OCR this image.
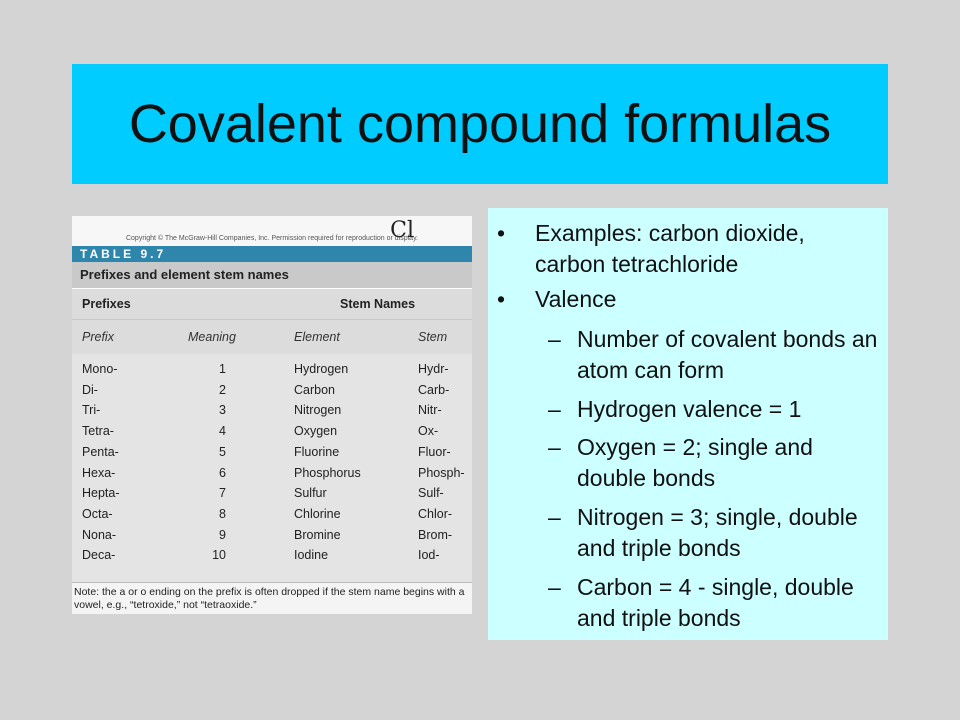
Covalent compound formulas
Copyright © The McGraw-Hill Companies, Inc. Permission required for reproduction or display.
Cl
TABLE 9.7
Prefixes and element stem names
Prefixes	Stem Names
Prefix	Meaning	Element	Stem
Mono-	1	Hydrogen	Hydr-
Di-	2	Carbon	Carb-
Tri-	3	Nitrogen	Nitr-
Tetra-	4	Oxygen	Ox-
Penta-	5	Fluorine	Fluor-
Hexa-	6	Phosphorus	Phosph-
Hepta-	7	Sulfur	Sulf-
Octa-	8	Chlorine	Chlor-
Nona-	9	Bromine	Brom-
Deca-	10	Iodine	Iod-
Note: the a or o ending on the prefix is often dropped if the stem name begins with a
vowel, e.g., “tetroxide,” not “tetraoxide.”
• Examples: carbon dioxide, carbon tetrachloride
• Valence
– Number of covalent bonds an atom can form
– Hydrogen valence = 1
– Oxygen = 2; single and double bonds
– Nitrogen = 3; single, double and triple bonds
– Carbon = 4 - single, double and triple bonds
